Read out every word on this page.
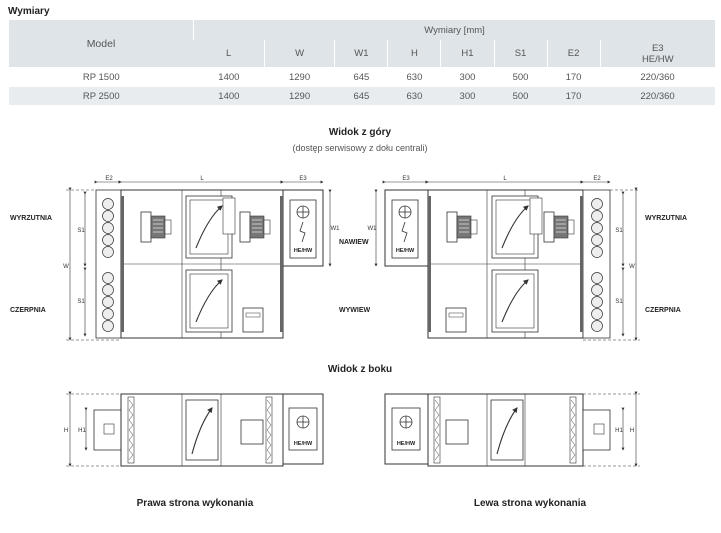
Wymiary
Model	Wymiary [mm]							
	L	W	W1	H	H1	S1	E2	E3
HE/HW
RP 1500	1400	1290	645	630	300	500	170	220/360
RP 2500	1400	1290	645	630	300	500	170	220/360
Widok z góry
(dostęp serwisowy z dołu centrali)
Widok z boku
Prawa strona wykonania	Lewa strona wykonania
WYRZUTNIA
CZERPNIA
NAWIEW
WYWIEW
WYRZUTNIA
CZERPNIA
HE/HW	HE/HW
HE/HW	HE/HW
E2	L	E3	E3	L	E2
W
S1
S1
W1	W1	S1
S1
W
H H1	H1 H
